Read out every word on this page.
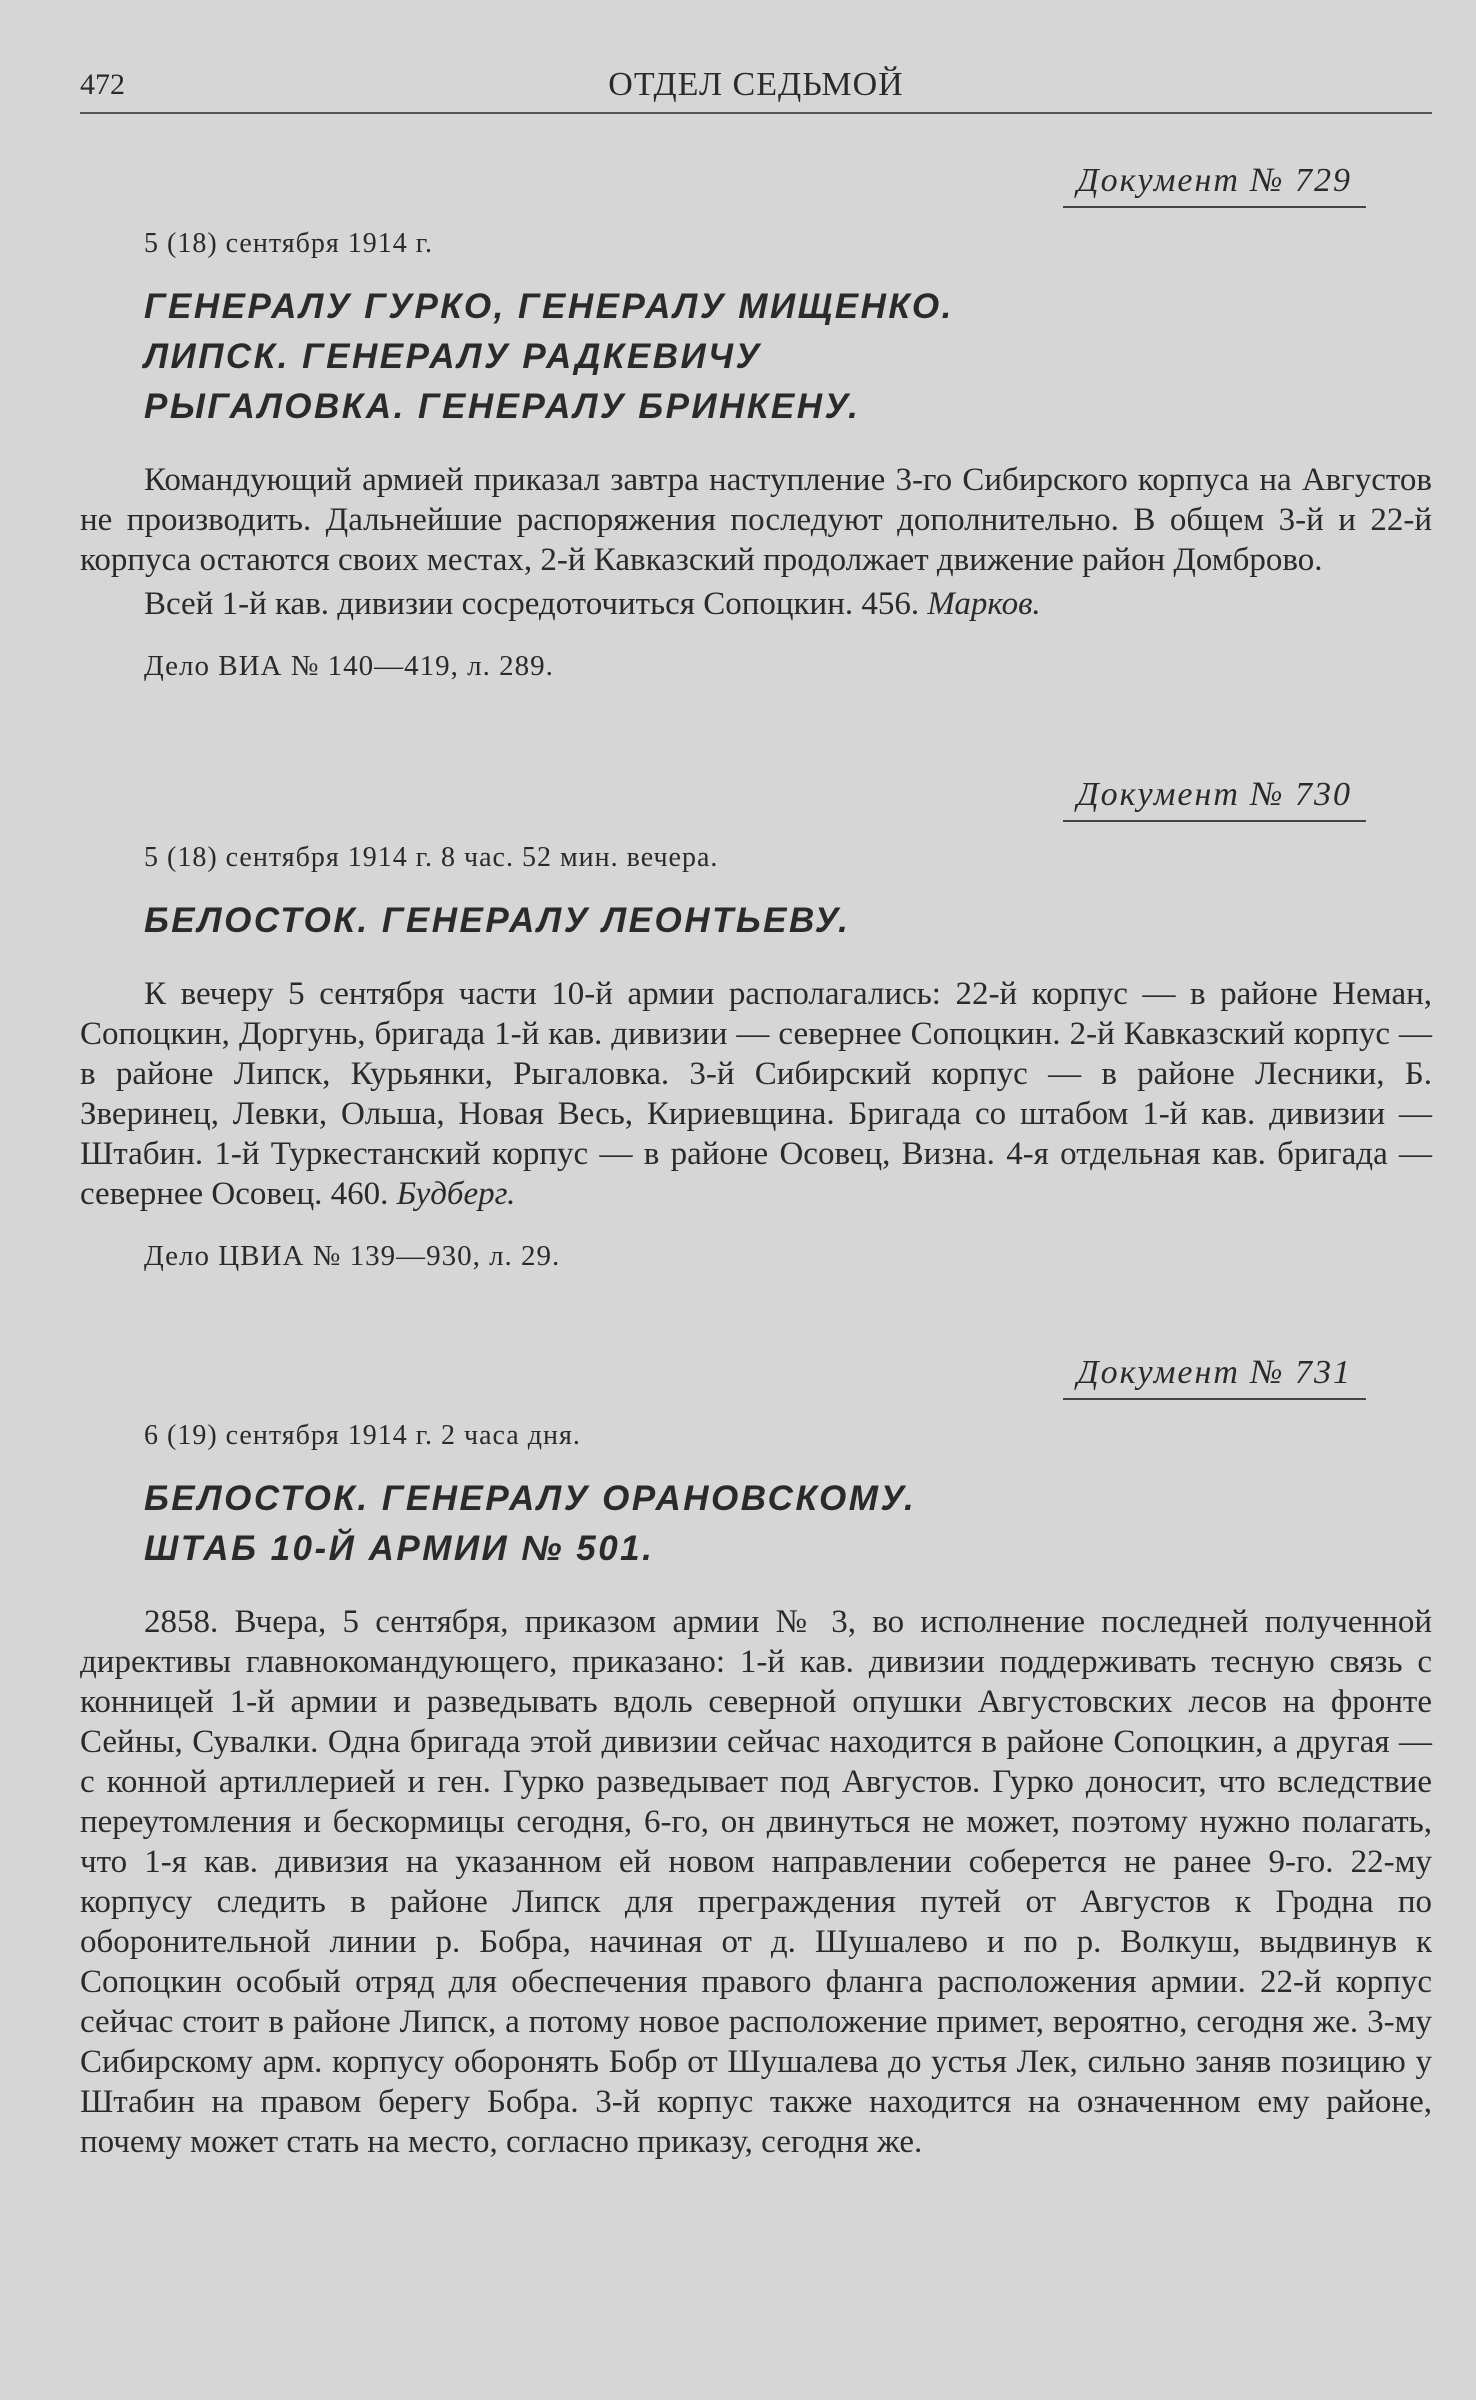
472	ОТДЕЛ СЕДЬМОЙ
Документ № 729
5 (18) сентября 1914 г.
ГЕНЕРАЛУ ГУРКО, ГЕНЕРАЛУ МИЩЕНКО.
ЛИПСК. ГЕНЕРАЛУ РАДКЕВИЧУ
РЫГАЛОВКА. ГЕНЕРАЛУ БРИНКЕНУ.

Командующий армией приказал завтра наступление 3-го Сибирского корпуса на Августов не производить. Дальнейшие распоряжения последуют дополнительно. В общем 3-й и 22-й корпуса остаются своих местах, 2-й Кавказский продолжает движение район Домброво.

Всей 1-й кав. дивизии сосредоточиться Сопоцкин. 456. Марков.

Дело ВИА № 140—419, л. 289.
Документ № 730
5 (18) сентября 1914 г. 8 час. 52 мин. вечера.
БЕЛОСТОК. ГЕНЕРАЛУ ЛЕОНТЬЕВУ.

К вечеру 5 сентября части 10-й армии располагались: 22-й корпус — в районе Неман, Сопоцкин, Доргунь, бригада 1-й кав. дивизии — севернее Сопоцкин. 2-й Кавказский корпус — в районе Липск, Курьянки, Рыгаловка. 3-й Сибирский корпус — в районе Лесники, Б. Зверинец, Левки, Ольша, Новая Весь, Кириевщина. Бригада со штабом 1-й кав. дивизии — Штабин. 1-й Туркестанский корпус — в районе Осовец, Визна. 4-я отдельная кав. бригада — севернее Осовец. 460. Будберг.

Дело ЦВИА № 139—930, л. 29.
Документ № 731
6 (19) сентября 1914 г. 2 часа дня.
БЕЛОСТОК. ГЕНЕРАЛУ ОРАНОВСКОМУ.
ШТАБ 10-Й АРМИИ № 501.

2858. Вчера, 5 сентября, приказом армии № 3, во исполнение последней полученной директивы главнокомандующего, приказано: 1-й кав. дивизии поддерживать тесную связь с конницей 1-й армии и разведывать вдоль северной опушки Августовских лесов на фронте Сейны, Сувалки. Одна бригада этой дивизии сейчас находится в районе Сопоцкин, а другая — с конной артиллерией и ген. Гурко разведывает под Августов. Гурко доносит, что вследствие переутомления и бескормицы сегодня, 6-го, он двинуться не может, поэтому нужно полагать, что 1-я кав. дивизия на указанном ей новом направлении соберется не ранее 9-го. 22-му корпусу следить в районе Липск для преграждения путей от Августов к Гродна по оборонительной линии р. Бобра, начиная от д. Шушалево и по р. Волкуш, выдвинув к Сопоцкин особый отряд для обеспечения правого фланга расположения армии. 22-й корпус сейчас стоит в районе Липск, а потому новое расположение примет, вероятно, сегодня же. 3-му Сибирскому арм. корпусу оборонять Бобр от Шушалева до устья Лек, сильно заняв позицию у Штабин на правом берегу Бобра. 3-й корпус также находится на означенном ему районе, почему может стать на место, согласно приказу, сегодня же.
